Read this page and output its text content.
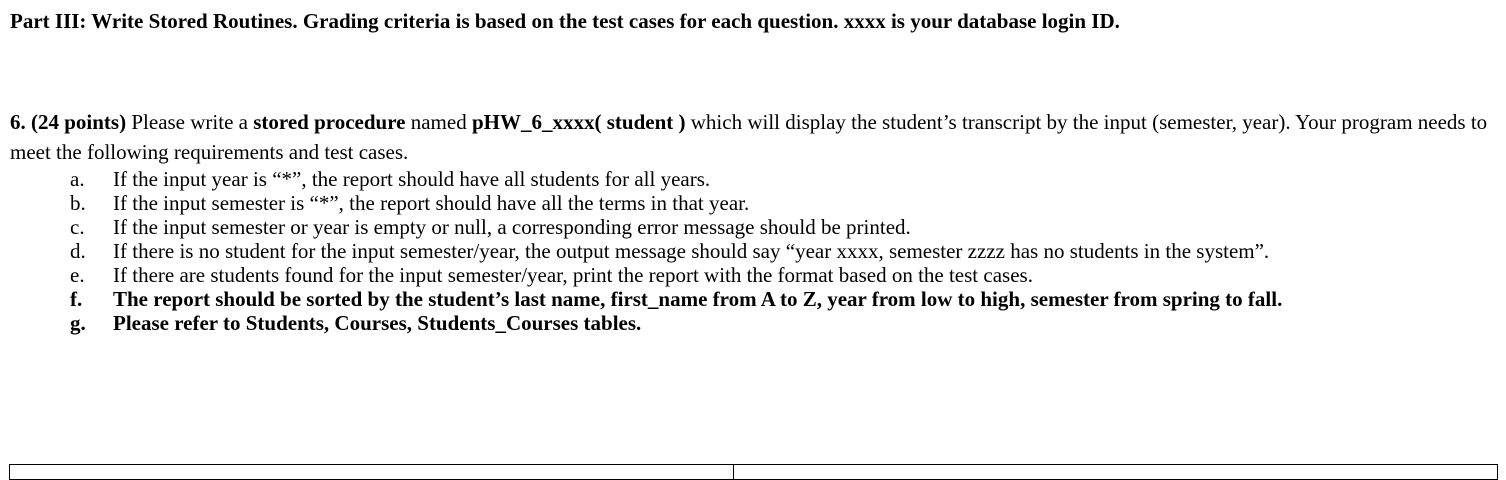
Part III: Write Stored Routines. Grading criteria is based on the test cases for each question. xxxx is your database login ID.

6. (24 points) Please write a stored procedure named pHW_6_xxxx( student ) which will display the student’s transcript by the input (semester, year). Your program needs to meet the following requirements and test cases.

a. If the input year is “*”, the report should have all students for all years.
b. If the input semester is “*”, the report should have all the terms in that year.
c. If the input semester or year is empty or null, a corresponding error message should be printed.
d. If there is no student for the input semester/year, the output message should say “year xxxx, semester zzzz has no students in the system”.
e. If there are students found for the input semester/year, print the report with the format based on the test cases.
f. The report should be sorted by the student’s last name, first_name from A to Z, year from low to high, semester from spring to fall.
g. Please refer to Students, Courses, Students_Courses tables.
